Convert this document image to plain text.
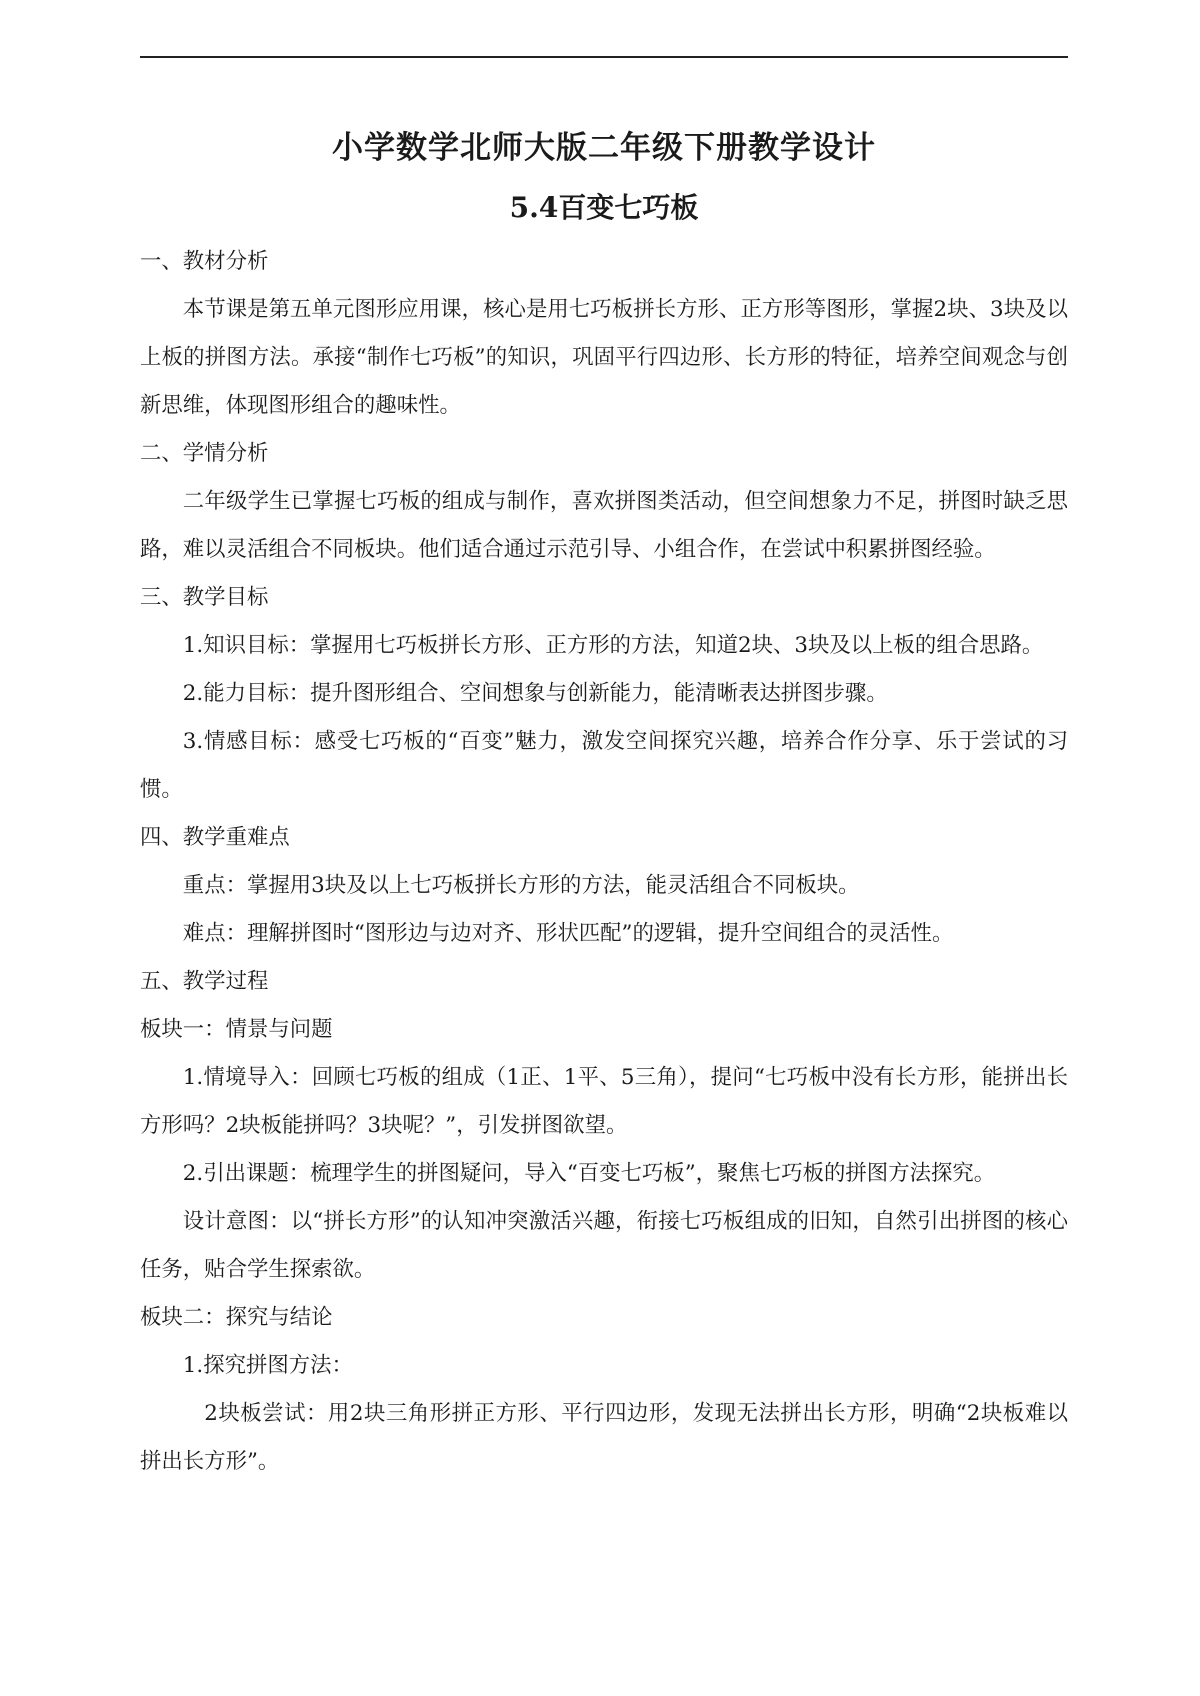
小学数学北师大版二年级下册教学设计
5.4百变七巧板

一、教材分析

本节课是第五单元图形应用课，核心是用七巧板拼长方形、正方形等图形，掌握2块、3块及以上板的拼图方法。承接“制作七巧板”的知识，巩固平行四边形、长方形的特征，培养空间观念与创新思维，体现图形组合的趣味性。

二、学情分析

二年级学生已掌握七巧板的组成与制作，喜欢拼图类活动，但空间想象力不足，拼图时缺乏思路，难以灵活组合不同板块。他们适合通过示范引导、小组合作，在尝试中积累拼图经验。

三、教学目标

1.知识目标：掌握用七巧板拼长方形、正方形的方法，知道2块、3块及以上板的组合思路。

2.能力目标：提升图形组合、空间想象与创新能力，能清晰表达拼图步骤。

3.情感目标：感受七巧板的“百变”魅力，激发空间探究兴趣，培养合作分享、乐于尝试的习惯。

四、教学重难点

重点：掌握用3块及以上七巧板拼长方形的方法，能灵活组合不同板块。

难点：理解拼图时“图形边与边对齐、形状匹配”的逻辑，提升空间组合的灵活性。

五、教学过程

板块一：情景与问题

1.情境导入：回顾七巧板的组成（1正、1平、5三角），提问“七巧板中没有长方形，能拼出长方形吗？2块板能拼吗？3块呢？”，引发拼图欲望。

2.引出课题：梳理学生的拼图疑问，导入“百变七巧板”，聚焦七巧板的拼图方法探究。

设计意图：以“拼长方形”的认知冲突激活兴趣，衔接七巧板组成的旧知，自然引出拼图的核心任务，贴合学生探索欲。

板块二：探究与结论

1.探究拼图方法：

2块板尝试：用2块三角形拼正方形、平行四边形，发现无法拼出长方形，明确“2块板难以拼出长方形”。
